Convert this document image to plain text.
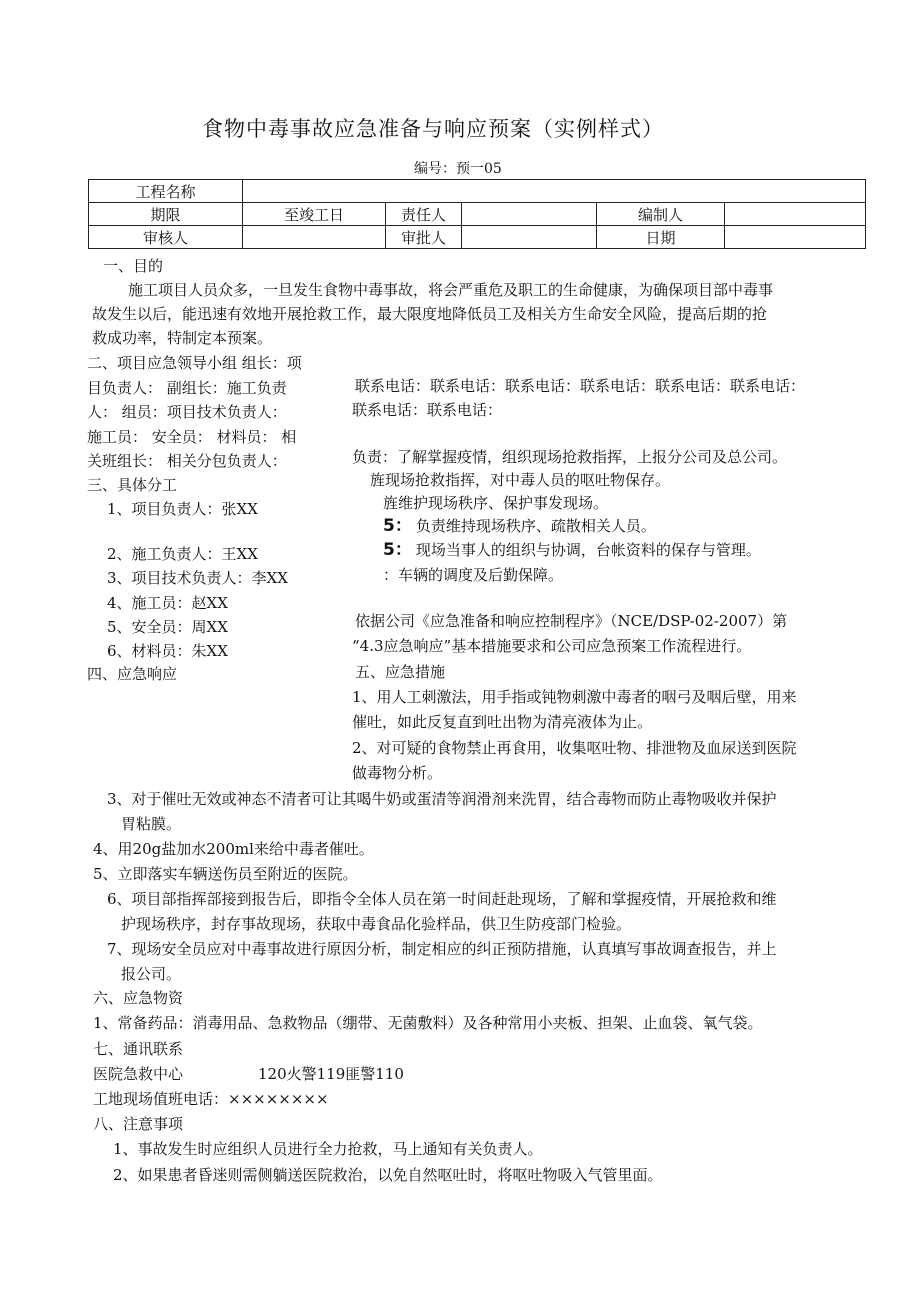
食物中毒事故应急准备与响应预案（实例样式）
编号：预一05
工程名称					
期限	至竣工日	责任人		编制人	
审核人		审批人		日期	
一、目的
施工项目人员众多，一旦发生食物中毒事故，将会严重危及职工的生命健康，为确保项目部中毒事
故发生以后，能迅速有效地开展抢救工作，最大限度地降低员工及相关方生命安全风险，提高后期的抢
救成功率，特制定本预案。
二、项目应急领导小组 组长：项
目负责人： 副组长：施工负责
人： 组员：项目技术负责人：
施工员： 安全员： 材料员： 相
关班组长： 相关分包负责人：
联系电话：联系电话：联系电话：联系电话：联系电话：联系电话：
联系电话：联系电话：
三、具体分工
1、项目负责人：张XX
2、施工负责人：王XX
3、项目技术负责人：李XX
4、施工员：赵XX
5、安全员：周XX
6、材料员：朱XX
负责：了解掌握疫情，组织现场抢救指挥，上报分公司及总公司。
旌现场抢救指挥，对中毒人员的呕吐物保存。
旌维护现场秩序、保护事发现场。
5： 负责维持现场秩序、疏散相关人员。
5： 现场当事人的组织与协调，台帐资料的保存与管理。
：车辆的调度及后勤保障。
四、应急响应
依据公司《应急准备和响应控制程序》（NCE/DSP-02-2007）第
“4.3应急响应”基本措施要求和公司应急预案工作流程进行。
五、应急措施
1、用人工刺激法，用手指或钝物刺激中毒者的咽弓及咽后壁，用来
催吐，如此反复直到吐出物为清亮液体为止。
2、对可疑的食物禁止再食用，收集呕吐物、排泄物及血尿送到医院
做毒物分析。
3、对于催吐无效或神态不清者可让其喝牛奶或蛋清等润滑剂来洗胃，结合毒物而防止毒物吸收并保护
胃粘膜。
4、用20g盐加水200ml来给中毒者催吐。
5、立即落实车辆送伤员至附近的医院。
6、项目部指挥部接到报告后，即指令全体人员在第一时间赶赴现场，了解和掌握疫情，开展抢救和维
护现场秩序，封存事故现场，获取中毒食品化验样品，供卫生防疫部门检验。
7、现场安全员应对中毒事故进行原因分析，制定相应的纠正预防措施，认真填写事故调查报告，并上
报公司。
六、应急物资
1、常备药品：消毒用品、急救物品（绷带、无菌敷料）及各种常用小夹板、担架、止血袋、氧气袋。
七、通讯联系
医院急救中心	120火警119匪警110
工地现场值班电话：××××××××
八、注意事项
1、事故发生时应组织人员进行全力抢救，马上通知有关负责人。
2、如果患者昏迷则需侧躺送医院救治，以免自然呕吐时，将呕吐物吸入气管里面。
